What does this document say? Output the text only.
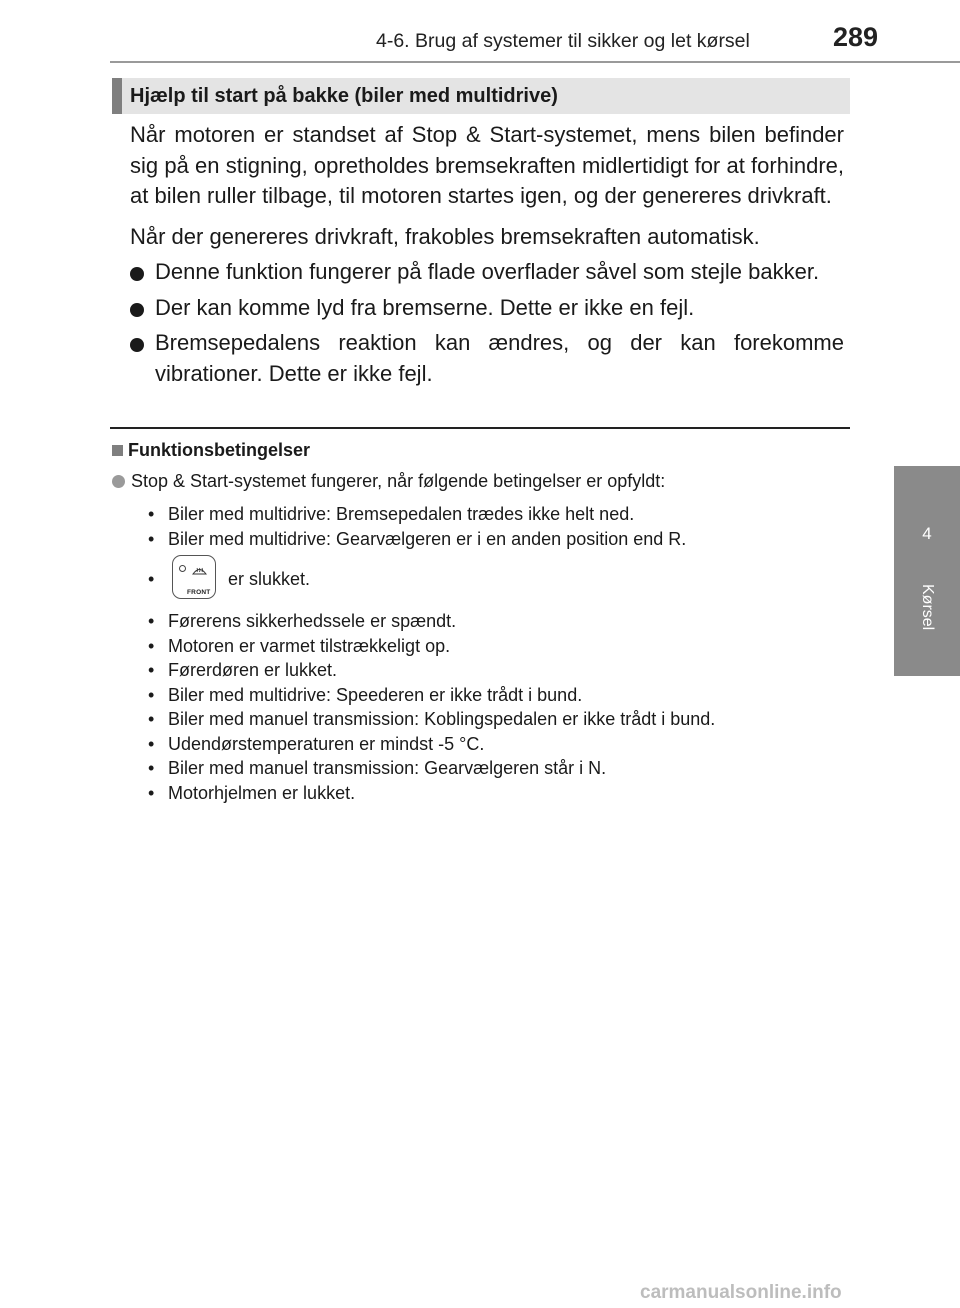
4-6. Brug af systemer til sikker og let kørsel	289
4
Kørsel
Hjælp til start på bakke (biler med multidrive)

Når motoren er standset af Stop & Start-systemet, mens bilen befinder sig på en stigning, opretholdes bremsekraften midlertidigt for at forhindre, at bilen ruller tilbage, til motoren startes igen, og der genereres drivkraft.

Når der genereres drivkraft, frakobles bremsekraften automatisk.

Denne funktion fungerer på flade overflader såvel som stejle bakker.
Der kan komme lyd fra bremserne. Dette er ikke en fejl.
Bremsepedalens reaktion kan ændres, og der kan forekomme vibrationer. Dette er ikke fejl.
Funktionsbetingelser
Stop & Start-systemet fungerer, når følgende betingelser er opfyldt:
• Biler med multidrive: Bremsepedalen trædes ikke helt ned.
• Biler med multidrive: Gearvælgeren er i en anden position end R.
•
FRONT
er slukket.
• Førerens sikkerhedssele er spændt.
• Motoren er varmet tilstrækkeligt op.
• Førerdøren er lukket.
• Biler med multidrive: Speederen er ikke trådt i bund.
• Biler med manuel transmission: Koblingspedalen er ikke trådt i bund.
• Udendørstemperaturen er mindst -5 °C.
• Biler med manuel transmission: Gearvælgeren står i N.
• Motorhjelmen er lukket.
carmanualsonline.info
